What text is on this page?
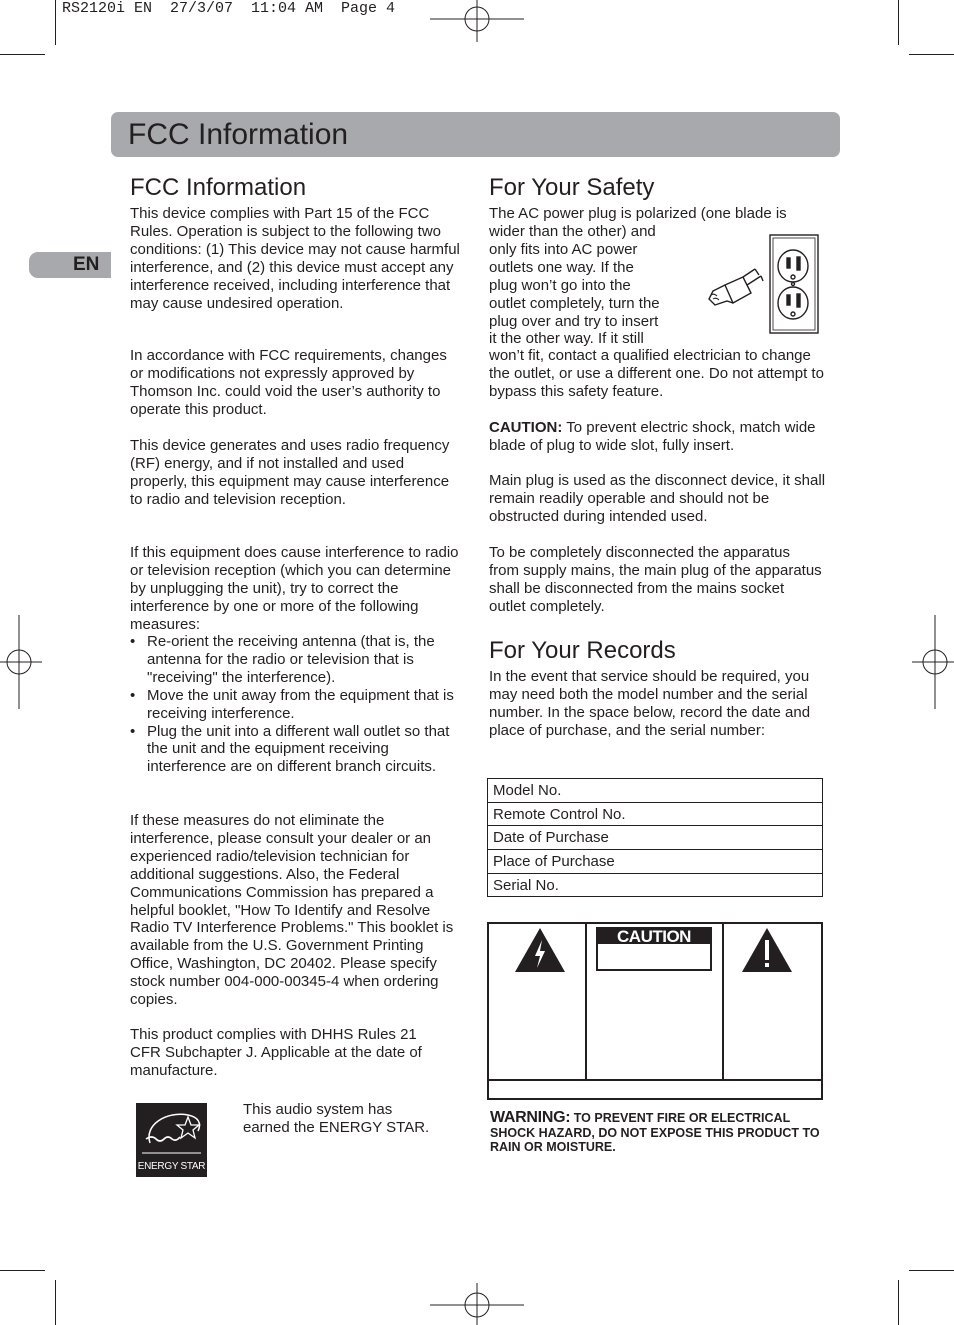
RS2120i EN  27/3/07  11:04 AM  Page 4
FCC Information
EN
FCC Information

This device complies with Part 15 of the FCC Rules. Operation is subject to the following two conditions: (1) This device may not cause harmful interference, and (2) this device must accept any interference received, including interference that may cause undesired operation.

In accordance with FCC requirements, changes or modifications not expressly approved by Thomson Inc. could void the user’s authority to operate this product.

This device generates and uses radio frequency (RF) energy, and if not installed and used properly, this equipment may cause interference to radio and television reception.

If this equipment does cause interference to radio or television reception (which you can determine by unplugging the unit), try to correct the interference by one or more of the following measures:

• Re-orient the receiving antenna (that is, the antenna for the radio or television that is "receiving" the interference).
• Move the unit away from the equipment that is receiving interference.
• Plug the unit into a different wall outlet so that the unit and the equipment receiving interference are on different branch circuits.

If these measures do not eliminate the interference, please consult your dealer or an experienced radio/television technician for additional suggestions. Also, the Federal Communications Commission has prepared a helpful booklet, "How To Identify and Resolve Radio TV Interference Problems." This booklet is available from the U.S. Government Printing Office, Washington, DC 20402. Please specify stock number 004-000-00345-4 when ordering copies.

This product complies with DHHS Rules 21 CFR Subchapter J. Applicable at the date of manufacture.

ENERGY STAR

This audio system has earned the ENERGY STAR.

For Your Safety

The AC power plug is polarized (one blade is

wider than the other) and
only fits into AC power
outlets one way. If the
plug won’t go into the
outlet completely, turn the
plug over and try to insert
it the other way. If it still

won’t fit, contact a qualified electrician to change the outlet, or use a different one. Do not attempt to bypass this safety feature.

CAUTION: To prevent electric shock, match wide blade of plug to wide slot, fully insert.

Main plug is used as the disconnect device, it shall remain readily operable and should not be obstructed during intended used.

To be completely disconnected the apparatus from supply mains, the main plug of the apparatus shall be disconnected from the mains socket outlet completely.

For Your Records

In the event that service should be required, you may need both the model number and the serial number. In the space below, record the date and place of purchase, and the serial number:

Model No.
Remote Control No.
Date of Purchase
Place of Purchase
Serial No.
CAUTION
WARNING: TO PREVENT FIRE OR ELECTRICAL SHOCK HAZARD, DO NOT EXPOSE THIS PRODUCT TO RAIN OR MOISTURE.
